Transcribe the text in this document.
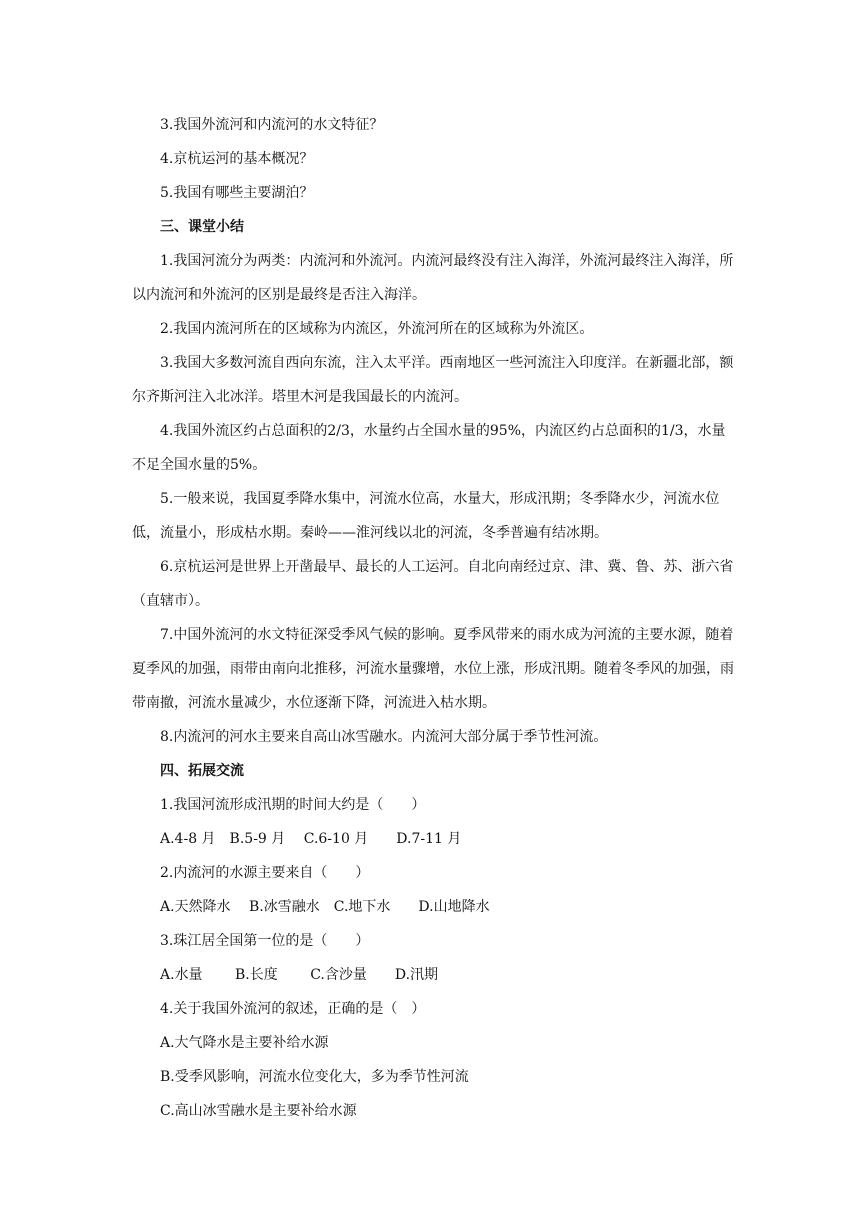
3.我国外流河和内流河的水文特征？

4.京杭运河的基本概况？

5.我国有哪些主要湖泊？

三、课堂小结

1.我国河流分为两类：内流河和外流河。内流河最终没有注入海洋，外流河最终注入海洋，所以内流河和外流河的区别是最终是否注入海洋。

2.我国内流河所在的区域称为内流区，外流河所在的区域称为外流区。

3.我国大多数河流自西向东流，注入太平洋。西南地区一些河流注入印度洋。在新疆北部，额尔齐斯河注入北冰洋。塔里木河是我国最长的内流河。

4.我国外流区约占总面积的2/3，水量约占全国水量的95%，内流区约占总面积的1/3，水量不足全国水量的5%。

5.一般来说，我国夏季降水集中，河流水位高，水量大，形成汛期；冬季降水少，河流水位低，流量小，形成枯水期。秦岭——淮河线以北的河流，冬季普遍有结冰期。

6.京杭运河是世界上开凿最早、最长的人工运河。自北向南经过京、津、冀、鲁、苏、浙六省（直辖市）。

7.中国外流河的水文特征深受季风气候的影响。夏季风带来的雨水成为河流的主要水源，随着夏季风的加强，雨带由南向北推移，河流水量骤增，水位上涨，形成汛期。随着冬季风的加强，雨带南撤，河流水量减少，水位逐渐下降，河流进入枯水期。

8.内流河的河水主要来自高山冰雪融水。内流河大部分属于季节性河流。

四、拓展交流

1.我国河流形成汛期的时间大约是（　　）

A.4-8 月　B.5-9 月　 C.6-10 月　　D.7-11 月

2.内流河的水源主要来自（　　）

A.天然降水　 B.冰雪融水　C.地下水　　D.山地降水

3.珠江居全国第一位的是（　　）

A.水量　　 B.长度　　 C.含沙量　　D.汛期

4.关于我国外流河的叙述，正确的是（　）

A.大气降水是主要补给水源

B.受季风影响，河流水位变化大，多为季节性河流

C.高山冰雪融水是主要补给水源
